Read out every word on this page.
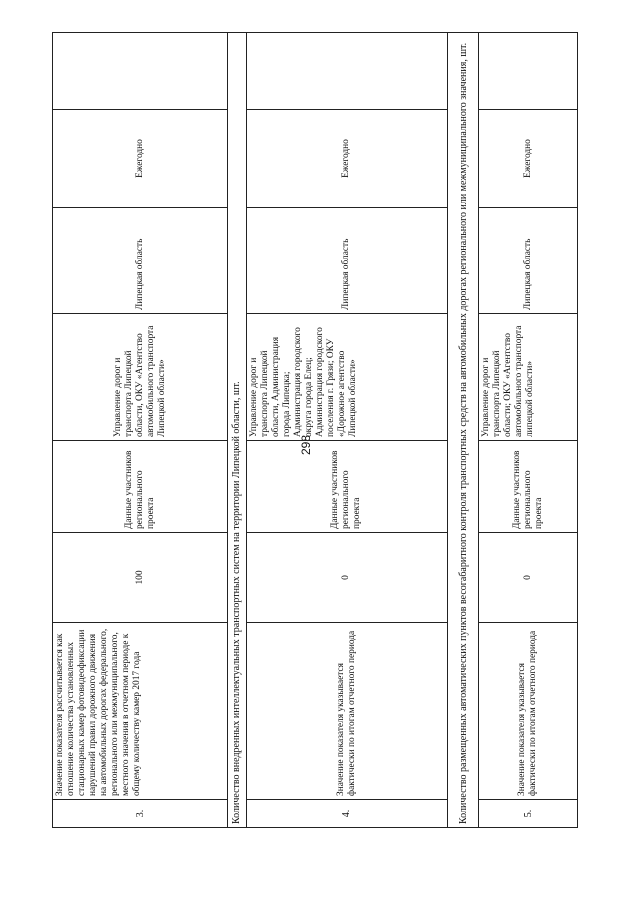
298
3.	Значение показателя рассчитывается как отношение количества установленных стационарных камер фотовидеофиксации нарушений правил дорожного движения на автомобильных дорогах федерального, регионального или межмуниципального, местного значения в отчетном периоде к общему количеству камер 2017 года	100	Данные участников регионального проекта	Управление дорог и транспорта Липецкой области, ОКУ «Агентство автомобильного транспорта Липецкой области»	Липецкая область	Ежегодно	
Количество внедренных интеллектуальных транспортных систем на территории Липецкой области, шт.							
4.	Значение показателя указывается фактически по итогам отчетного периода	0	Данные участников регионального проекта	Управление дорог и транспорта Липецкой области, Администрация города Липецка; Администрация городского округа города Елец; Администрация городского поселения г. Грязи; ОКУ «Дорожное агентство Липецкой области»	Липецкая область	Ежегодно	
Количество размещенных автоматических пунктов весогабаритного контроля транспортных средств на автомобильных дорогах регионального или межмуниципального значения, шт.							
5.	Значение показателя указывается фактически по итогам отчетного периода	0	Данные участников регионального проекта	Управление дорог и транспорта Липецкой области; ОКУ «Агентство автомобильного транспорта липецкой области»	Липецкая область	Ежегодно	
